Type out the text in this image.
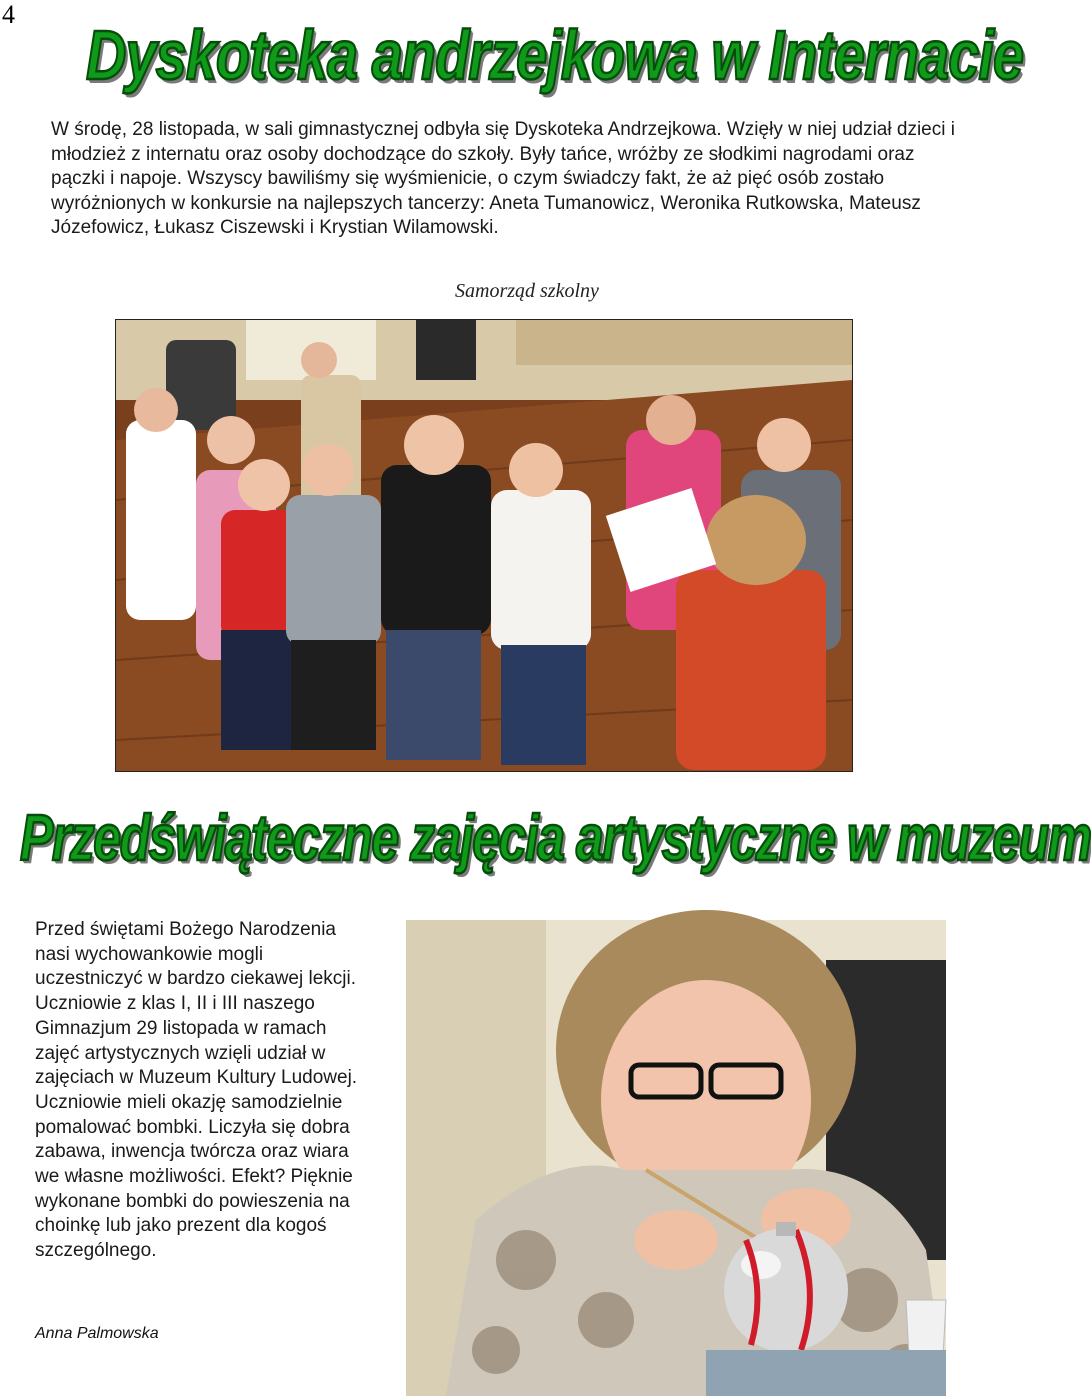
4
Dyskoteka andrzejkowa w Internacie
W środę, 28 listopada, w sali gimnastycznej odbyła się Dyskoteka Andrzejkowa. Wzięły w niej udział dzieci i młodzież z internatu oraz osoby dochodzące do szkoły. Były tańce, wróżby ze słodkimi nagrodami oraz pączki i napoje. Wszyscy bawiliśmy się wyśmienicie, o czym świadczy fakt, że aż pięć osób zostało wyróżnionych w konkursie na najlepszych tancerzy: Aneta Tumanowicz, Weronika Rutkowska, Mateusz Józefowicz, Łukasz Ciszewski i Krystian Wilamowski.
Samorząd szkolny
Przedświąteczne zajęcia artystyczne w muzeum
Przed świętami Bożego Narodzenia nasi wychowankowie mogli uczestniczyć w bardzo ciekawej lekcji. Uczniowie z klas I, II i III naszego Gimnazjum 29 listopada w ramach zajęć artystycznych wzięli udział w zajęciach w Muzeum Kultury Ludowej. Uczniowie mieli okazję samodzielnie pomalować bombki. Liczyła się dobra zabawa, inwencja twórcza oraz wiara we własne możliwości. Efekt? Pięknie wykonane bombki do powieszenia na choinkę lub jako prezent dla kogoś szczególnego.
Anna Palmowska
